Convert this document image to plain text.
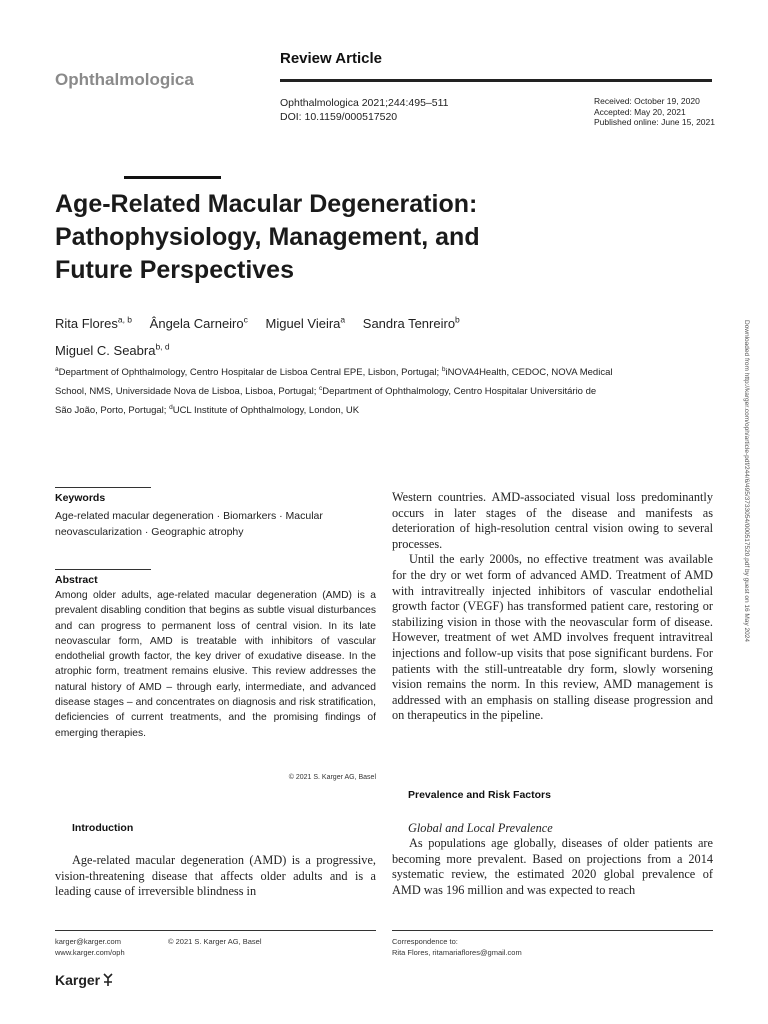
Ophthalmologica
Review Article
Ophthalmologica 2021;244:495–511
DOI: 10.1159/000517520
Received: October 19, 2020
Accepted: May 20, 2021
Published online: June 15, 2021
Age-Related Macular Degeneration:
Pathophysiology, Management, and
Future Perspectives
Rita Flores$^{a, b}$ Ângela Carneiro$^c$ Miguel Vieira$^a$ Sandra Tenreiro$^b$
Miguel C. Seabra$^{b, d}$
$^a$Department of Ophthalmology, Centro Hospitalar de Lisboa Central EPE, Lisbon, Portugal; $^b$iNOVA4Health, CEDOC, NOVA Medical School, NMS, Universidade Nova de Lisboa, Lisboa, Portugal; $^c$Department of Ophthalmology, Centro Hospitalar Universitário de São João, Porto, Portugal; $^d$UCL Institute of Ophthalmology, London, UK	Downloaded from http://karger.com/oph/article-pdf/244/6/495/3733054/000517520.pdf by guest on 16 May 2024
Keywords
Age-related macular degeneration · Biomarkers · Macular neovascularization · Geographic atrophy
Abstract
Among older adults, age-related macular degeneration (AMD) is a prevalent disabling condition that begins as subtle visual disturbances and can progress to permanent loss of central vision. In its late neovascular form, AMD is treatable with inhibitors of vascular endothelial growth factor, the key driver of exudative disease. In the atrophic form, treatment remains elusive. This review addresses the natural history of AMD – through early, intermediate, and advanced disease stages – and concentrates on diagnosis and risk stratification, deficiencies of current treatments, and the promising findings of emerging therapies.
© 2021 S. Karger AG, Basel
Introduction
Age-related macular degeneration (AMD) is a progressive, vision-threatening disease that affects older adults and is a leading cause of irreversible blindness in

Western countries. AMD-associated visual loss predominantly occurs in later stages of the disease and manifests as deterioration of high-resolution central vision owing to several processes.

Until the early 2000s, no effective treatment was available for the dry or wet form of advanced AMD. Treatment of AMD with intravitreally injected inhibitors of vascular endothelial growth factor (VEGF) has transformed patient care, restoring or stabilizing vision in those with the neovascular form of disease. However, treatment of wet AMD involves frequent intravitreal injections and follow-up visits that pose significant burdens. For patients with the still-untreatable dry form, slowly worsening vision remains the norm. In this review, AMD management is addressed with an emphasis on stalling disease progression and on therapeutics in the pipeline.

Prevalence and Risk Factors
Global and Local Prevalence
As populations age globally, diseases of older patients are becoming more prevalent. Based on projections from a 2014 systematic review, the estimated 2020 global prevalence of AMD was 196 million and was expected to reach
karger@karger.com
www.karger.com/oph
© 2021 S. Karger AG, Basel	Correspondence to:
Rita Flores, ritamariaflores@gmail.com
Karger
